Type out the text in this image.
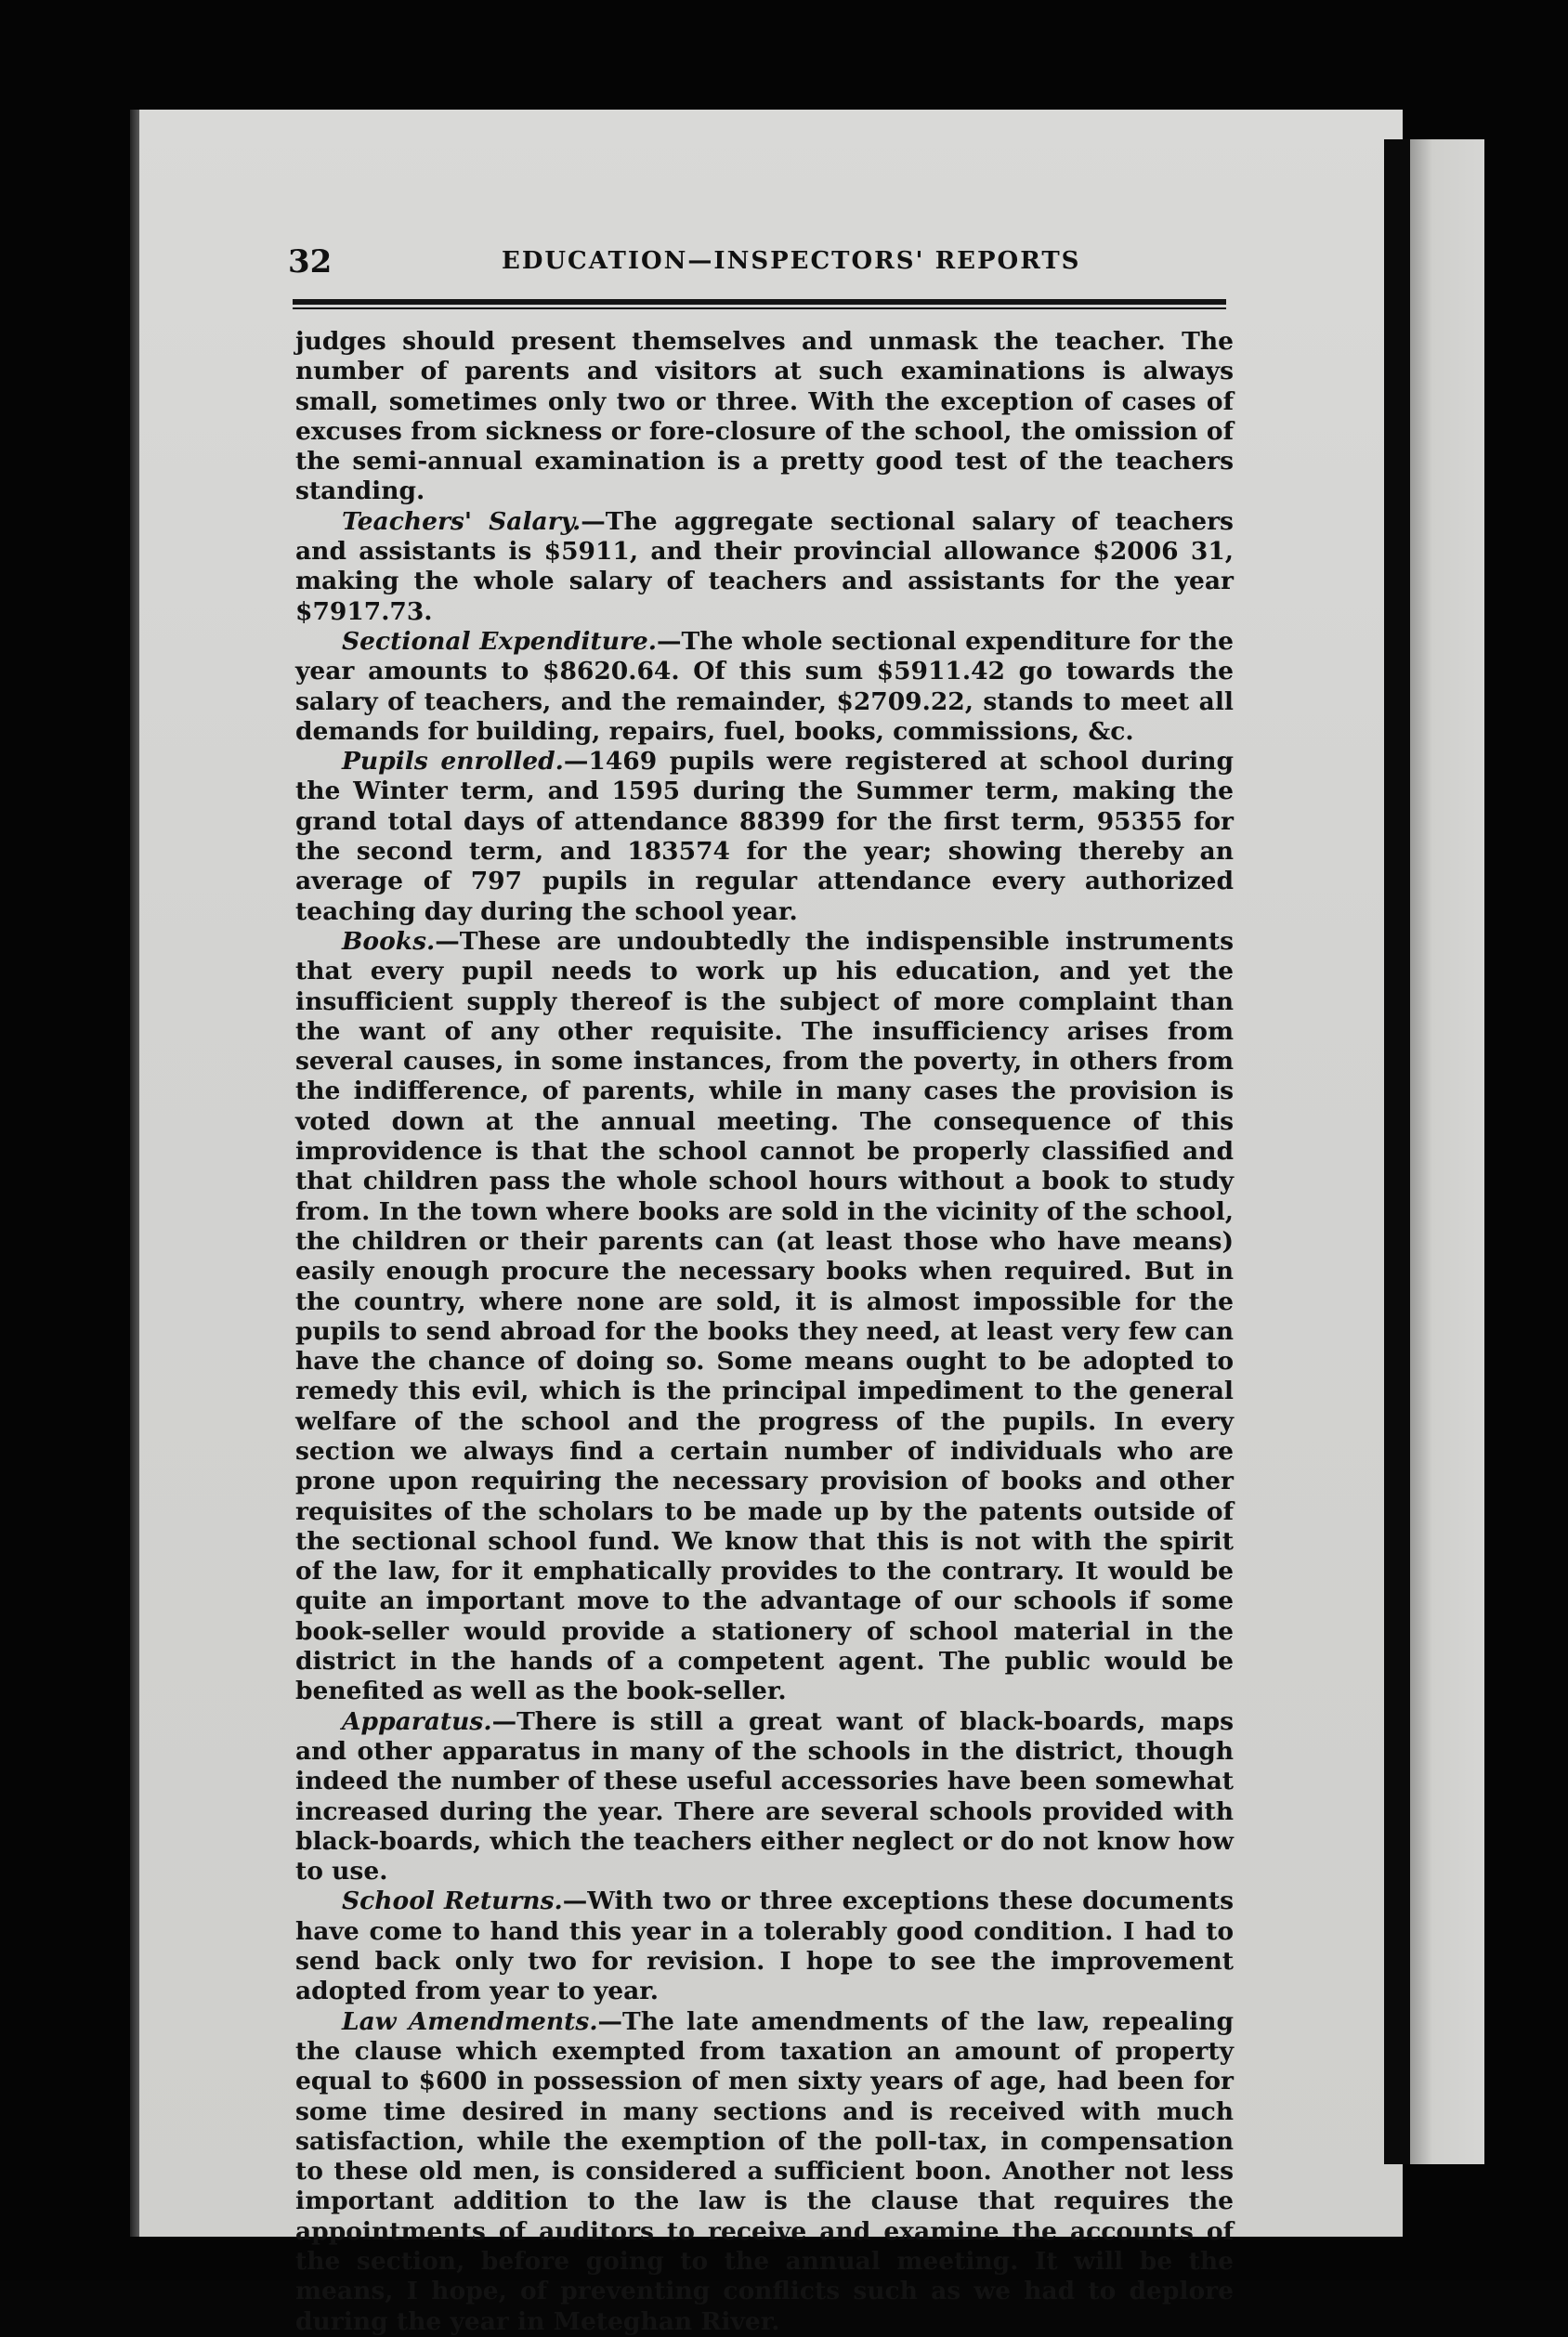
32	EDUCATION—INSPECTORS' REPORTS

judges should present themselves and unmask the teacher. The number of parents and visitors at such examinations is always small, sometimes only two or three. With the exception of cases of excuses from sickness or fore-closure of the school, the omission of the semi-annual examination is a pretty good test of the teachers standing.

Teachers' Salary.—The aggregate sectional salary of teachers and assistants is $5911, and their provincial allowance $2006 31, making the whole salary of teachers and assistants for the year $7917.73.

Sectional Expenditure.—The whole sectional expenditure for the year amounts to $8620.64. Of this sum $5911.42 go towards the salary of teachers, and the remainder, $2709.22, stands to meet all demands for building, repairs, fuel, books, commissions, &c.

Pupils enrolled.—1469 pupils were registered at school during the Winter term, and 1595 during the Summer term, making the grand total days of attendance 88399 for the first term, 95355 for the second term, and 183574 for the year; showing thereby an average of 797 pupils in regular attendance every authorized teaching day during the school year.

Books.—These are undoubtedly the indispensible instruments that every pupil needs to work up his education, and yet the insufficient supply thereof is the subject of more complaint than the want of any other requisite. The insufficiency arises from several causes, in some instances, from the poverty, in others from the indifference, of parents, while in many cases the provision is voted down at the annual meeting. The consequence of this improvidence is that the school cannot be properly classified and that children pass the whole school hours without a book to study from. In the town where books are sold in the vicinity of the school, the children or their parents can (at least those who have means) easily enough procure the necessary books when required. But in the country, where none are sold, it is almost impossible for the pupils to send abroad for the books they need, at least very few can have the chance of doing so. Some means ought to be adopted to remedy this evil, which is the principal impediment to the general welfare of the school and the progress of the pupils. In every section we always find a certain number of individuals who are prone upon requiring the necessary provision of books and other requisites of the scholars to be made up by the patents outside of the sectional school fund. We know that this is not with the spirit of the law, for it emphatically provides to the contrary. It would be quite an important move to the advantage of our schools if some book-seller would provide a stationery of school material in the district in the hands of a competent agent. The public would be benefited as well as the book-seller.

Apparatus.—There is still a great want of black-boards, maps and other apparatus in many of the schools in the district, though indeed the number of these useful accessories have been somewhat increased during the year. There are several schools provided with black-boards, which the teachers either neglect or do not know how to use.

School Returns.—With two or three exceptions these documents have come to hand this year in a tolerably good condition. I had to send back only two for revision. I hope to see the improvement adopted from year to year.

Law Amendments.—The late amendments of the law, repealing the clause which exempted from taxation an amount of property equal to $600 in possession of men sixty years of age, had been for some time desired in many sections and is received with much satisfaction, while the exemption of the poll-tax, in compensation to these old men, is considered a sufficient boon. Another not less important addition to the law is the clause that requires the appointments of auditors to receive and examine the accounts of the section, before going to the annual meeting. It will be the means, I hope, of preventing conflicts such as we had to deplore during the year in Meteghan River.
